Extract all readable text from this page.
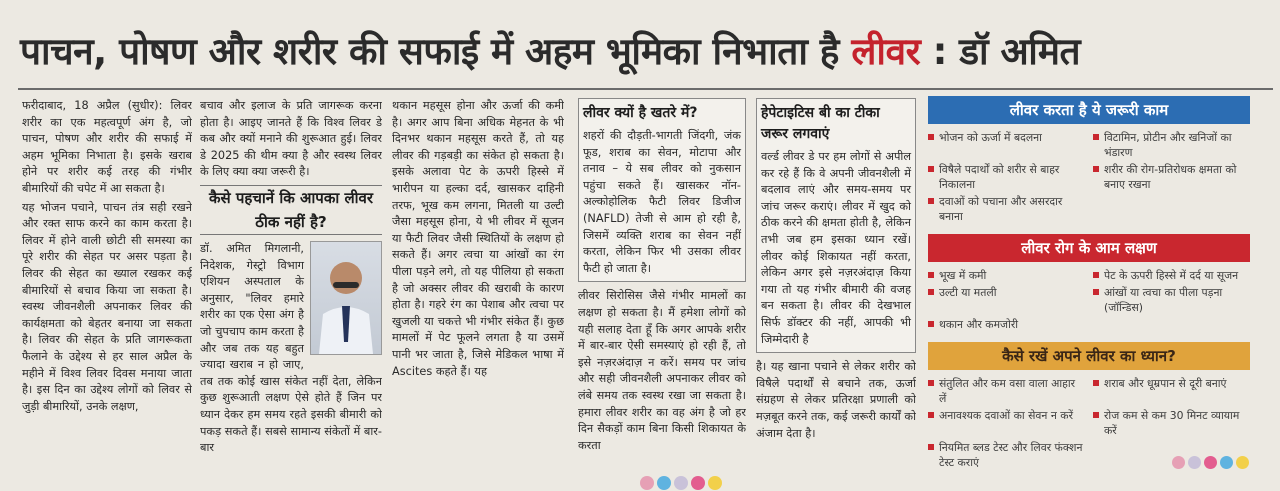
पाचन, पोषण और शरीर की सफाई में अहम भूमिका निभाता है लीवर : डॉ अमित

फरीदाबाद, 18 अप्रैल (सुधीर): लिवर शरीर का एक महत्वपूर्ण अंग है, जो पाचन, पोषण और शरीर की सफाई में अहम भूमिका निभाता है। इसके खराब होने पर शरीर कई तरह की गंभीर बीमारियों की चपेट में आ सकता है।

यह भोजन पचाने, पाचन तंत्र सही रखने और रक्त साफ करने का काम करता है। लिवर में होने वाली छोटी सी समस्या का पूरे शरीर की सेहत पर असर पड़ता है। लिवर की सेहत का ख्याल रखकर कई बीमारियों से बचाव किया जा सकता है। स्वस्थ जीवनशैली अपनाकर लिवर की कार्यक्षमता को बेहतर बनाया जा सकता है। लिवर की सेहत के प्रति जागरूकता फैलाने के उद्देश्य से हर साल अप्रैल के महीने में विश्व लिवर दिवस मनाया जाता है। इस दिन का उद्देश्य लोगों को लिवर से जुड़ी बीमारियों, उनके लक्षण,

बचाव और इलाज के प्रति जागरूक करना होता है। आइए जानते हैं कि विश्व लिवर डे कब और क्यों मनाने की शुरूआत हुई। लिवर डे 2025 की थीम क्या है और स्वस्थ लिवर के लिए क्या क्या जरूरी है।

कैसे पहचानें कि आपका लीवर ठीक नहीं है?

डॉ. अमित मिगलानी, निदेशक, गेस्ट्रो विभाग एशियन अस्पताल के अनुसार, "लिवर हमारे शरीर का एक ऐसा अंग है जो चुपचाप काम करता है और जब तक यह बहुत ज्यादा खराब न हो जाए, तब तक कोई खास संकेत नहीं देता, लेकिन कुछ शुरूआती लक्षण ऐसे होते हैं जिन पर ध्यान देकर हम समय रहते इसकी बीमारी को पकड़ सकते हैं। सबसे सामान्य संकेतों में बार-बार

थकान महसूस होना और ऊर्जा की कमी है। अगर आप बिना अधिक मेहनत के भी दिनभर थकान महसूस करते हैं, तो यह लीवर की गड़बड़ी का संकेत हो सकता है। इसके अलावा पेट के ऊपरी हिस्से में भारीपन या हल्का दर्द, खासकर दाहिनी तरफ, भूख कम लगना, मितली या उल्टी जैसा महसूस होना, ये भी लीवर में सूजन या फैटी लिवर जैसी स्थितियों के लक्षण हो सकते हैं। अगर त्वचा या आंखों का रंग पीला पड़ने लगे, तो यह पीलिया हो सकता है जो अक्सर लीवर की खराबी के कारण होता है। गहरे रंग का पेशाब और त्वचा पर खुजली या चकत्ते भी गंभीर संकेत हैं। कुछ मामलों में पेट फूलने लगता है या उसमें पानी भर जाता है, जिसे मेडिकल भाषा में Ascites कहते हैं। यह

लीवर क्यों है खतरे में?

शहरों की दौड़ती-भागती जिंदगी, जंक फूड, शराब का सेवन, मोटापा और तनाव – ये सब लीवर को नुकसान पहुंचा सकते हैं। खासकर नॉन-अल्कोहोलिक फैटी लिवर डिजीज (NAFLD) तेजी से आम हो रही है, जिसमें व्यक्ति शराब का सेवन नहीं करता, लेकिन फिर भी उसका लीवर फैटी हो जाता है।

लीवर सिरोसिस जैसे गंभीर मामलों का लक्षण हो सकता है। मैं हमेशा लोगों को यही सलाह देता हूँ कि अगर आपके शरीर में बार-बार ऐसी समस्याएं हो रही हैं, तो इसे नज़रअंदाज़ न करें। समय पर जांच और सही जीवनशैली अपनाकर लीवर को लंबे समय तक स्वस्थ रखा जा सकता है। हमारा लीवर शरीर का वह अंग है जो हर दिन सैकड़ों काम बिना किसी शिकायत के करता

हेपेटाइटिस बी का टीका जरूर लगवाएं

वर्ल्ड लीवर डे पर हम लोगों से अपील कर रहे हैं कि वे अपनी जीवनशैली में बदलाव लाएं और समय-समय पर जांच जरूर कराएं। लीवर में खुद को ठीक करने की क्षमता होती है, लेकिन तभी जब हम इसका ध्यान रखें। लीवर कोई शिकायत नहीं करता, लेकिन अगर इसे नज़रअंदाज़ किया गया तो यह गंभीर बीमारी की वजह बन सकता है। लीवर की देखभाल सिर्फ डॉक्टर की नहीं, आपकी भी जिम्मेदारी है

है। यह खाना पचाने से लेकर शरीर को विषैले पदार्थों से बचाने तक, ऊर्जा संग्रहण से लेकर प्रतिरक्षा प्रणाली को मज़बूत करने तक, कई जरूरी कार्यों को अंजाम देता है।

लीवर करता है ये जरूरी काम
भोजन को ऊर्जा में बदलना	विटामिन, प्रोटीन और खनिजों का भंडारण
विषैले पदार्थों को शरीर से बाहर निकालना
शरीर की रोग-प्रतिरोधक क्षमता को बनाए रखना
दवाओं को पचाना और असरदार बनाना
लीवर रोग के आम लक्षण
भूख में कमी	पेट के ऊपरी हिस्से में दर्द या सूजन
उल्टी या मतली	आंखों या त्वचा का पीला पड़ना (जॉन्डिस)
थकान और कमजोरी
कैसे रखें अपने लीवर का ध्यान?
संतुलित और कम वसा वाला आहार लें
शराब और धूम्रपान से दूरी बनाएं
अनावश्यक दवाओं का सेवन न करें	रोज कम से कम 30 मिनट व्यायाम करें
नियमित ब्लड टेस्ट और लिवर फंक्शन टेस्ट कराएं
